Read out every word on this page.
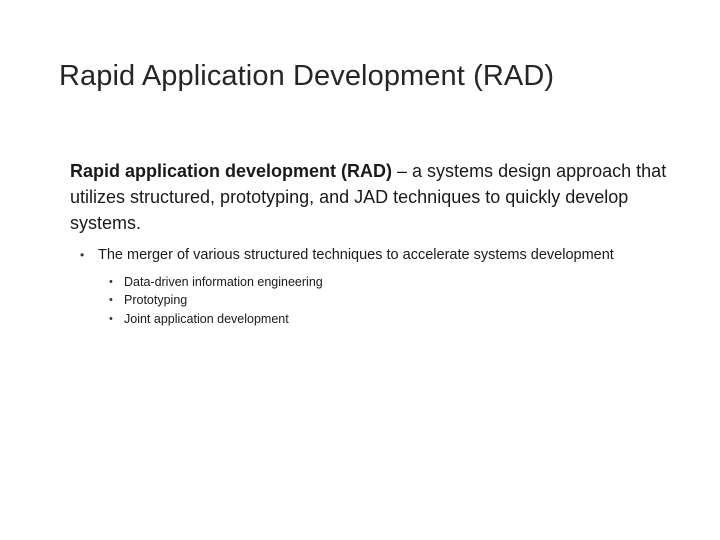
Rapid Application Development (RAD)

Rapid application development (RAD) – a systems design approach that utilizes structured, prototyping, and JAD techniques to quickly develop systems.

• The merger of various structured techniques to accelerate systems development
• Data-driven information engineering
• Prototyping
• Joint application development
